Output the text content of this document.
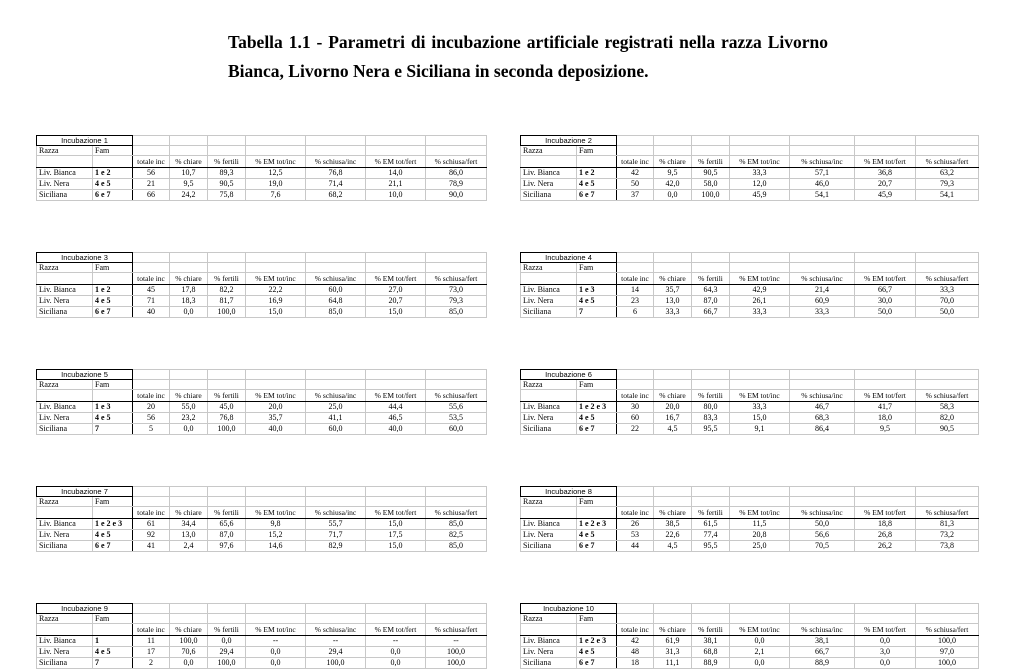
Tabella 1.1 - Parametri di incubazione artificiale registrati nella razza Livorno Bianca, Livorno Nera e Siciliana in seconda deposizione.
Incubazione 1								
Razza	Fam							
		totale inc	% chiare	% fertili	% EM tot/inc	% schiusa/inc	% EM tot/fert	% schiusa/fert
Liv. Bianca	1 e 2	56	10,7	89,3	12,5	76,8	14,0	86,0
Liv. Nera	4 e 5	21	9,5	90,5	19,0	71,4	21,1	78,9
Siciliana	6 e 7	66	24,2	75,8	7,6	68,2	10,0	90,0
Incubazione 2								
Razza	Fam							
		totale inc	% chiare	% fertili	% EM tot/inc	% schiusa/inc	% EM tot/fert	% schiusa/fert
Liv. Bianca	1 e 2	42	9,5	90,5	33,3	57,1	36,8	63,2
Liv. Nera	4 e 5	50	42,0	58,0	12,0	46,0	20,7	79,3
Siciliana	6 e 7	37	0,0	100,0	45,9	54,1	45,9	54,1
Incubazione 3								
Razza	Fam							
		totale inc	% chiare	% fertili	% EM tot/inc	% schiusa/inc	% EM tot/fert	% schiusa/fert
Liv. Bianca	1 e 2	45	17,8	82,2	22,2	60,0	27,0	73,0
Liv. Nera	4 e 5	71	18,3	81,7	16,9	64,8	20,7	79,3
Siciliana	6 e 7	40	0,0	100,0	15,0	85,0	15,0	85,0
Incubazione 4								
Razza	Fam							
		totale inc	% chiare	% fertili	% EM tot/inc	% schiusa/inc	% EM tot/fert	% schiusa/fert
Liv. Bianca	1 e 3	14	35,7	64,3	42,9	21,4	66,7	33,3
Liv. Nera	4 e 5	23	13,0	87,0	26,1	60,9	30,0	70,0
Siciliana	7	6	33,3	66,7	33,3	33,3	50,0	50,0
Incubazione 5								
Razza	Fam							
		totale inc	% chiare	% fertili	% EM tot/inc	% schiusa/inc	% EM tot/fert	% schiusa/fert
Liv. Bianca	1 e 3	20	55,0	45,0	20,0	25,0	44,4	55,6
Liv. Nera	4 e 5	56	23,2	76,8	35,7	41,1	46,5	53,5
Siciliana	7	5	0,0	100,0	40,0	60,0	40,0	60,0
Incubazione 6								
Razza	Fam							
		totale inc	% chiare	% fertili	% EM tot/inc	% schiusa/inc	% EM tot/fert	% schiusa/fert
Liv. Bianca	1 e 2 e 3	30	20,0	80,0	33,3	46,7	41,7	58,3
Liv. Nera	4 e 5	60	16,7	83,3	15,0	68,3	18,0	82,0
Siciliana	6 e 7	22	4,5	95,5	9,1	86,4	9,5	90,5
Incubazione 7								
Razza	Fam							
		totale inc	% chiare	% fertili	% EM tot/inc	% schiusa/inc	% EM tot/fert	% schiusa/fert
Liv. Bianca	1 e 2 e 3	61	34,4	65,6	9,8	55,7	15,0	85,0
Liv. Nera	4 e 5	92	13,0	87,0	15,2	71,7	17,5	82,5
Siciliana	6 e 7	41	2,4	97,6	14,6	82,9	15,0	85,0
Incubazione 8								
Razza	Fam							
		totale inc	% chiare	% fertili	% EM tot/inc	% schiusa/inc	% EM tot/fert	% schiusa/fert
Liv. Bianca	1 e 2 e 3	26	38,5	61,5	11,5	50,0	18,8	81,3
Liv. Nera	4 e 5	53	22,6	77,4	20,8	56,6	26,8	73,2
Siciliana	6 e 7	44	4,5	95,5	25,0	70,5	26,2	73,8
Incubazione 9								
Razza	Fam							
		totale inc	% chiare	% fertili	% EM tot/inc	% schiusa/inc	% EM tot/fert	% schiusa/fert
Liv. Bianca	1	11	100,0	0,0	--	--	--	--
Liv. Nera	4 e 5	17	70,6	29,4	0,0	29,4	0,0	100,0
Siciliana	7	2	0,0	100,0	0,0	100,0	0,0	100,0
Incubazione 10								
Razza	Fam							
		totale inc	% chiare	% fertili	% EM tot/inc	% schiusa/inc	% EM tot/fert	% schiusa/fert
Liv. Bianca	1 e 2 e 3	42	61,9	38,1	0,0	38,1	0,0	100,0
Liv. Nera	4 e 5	48	31,3	68,8	2,1	66,7	3,0	97,0
Siciliana	6 e 7	18	11,1	88,9	0,0	88,9	0,0	100,0
